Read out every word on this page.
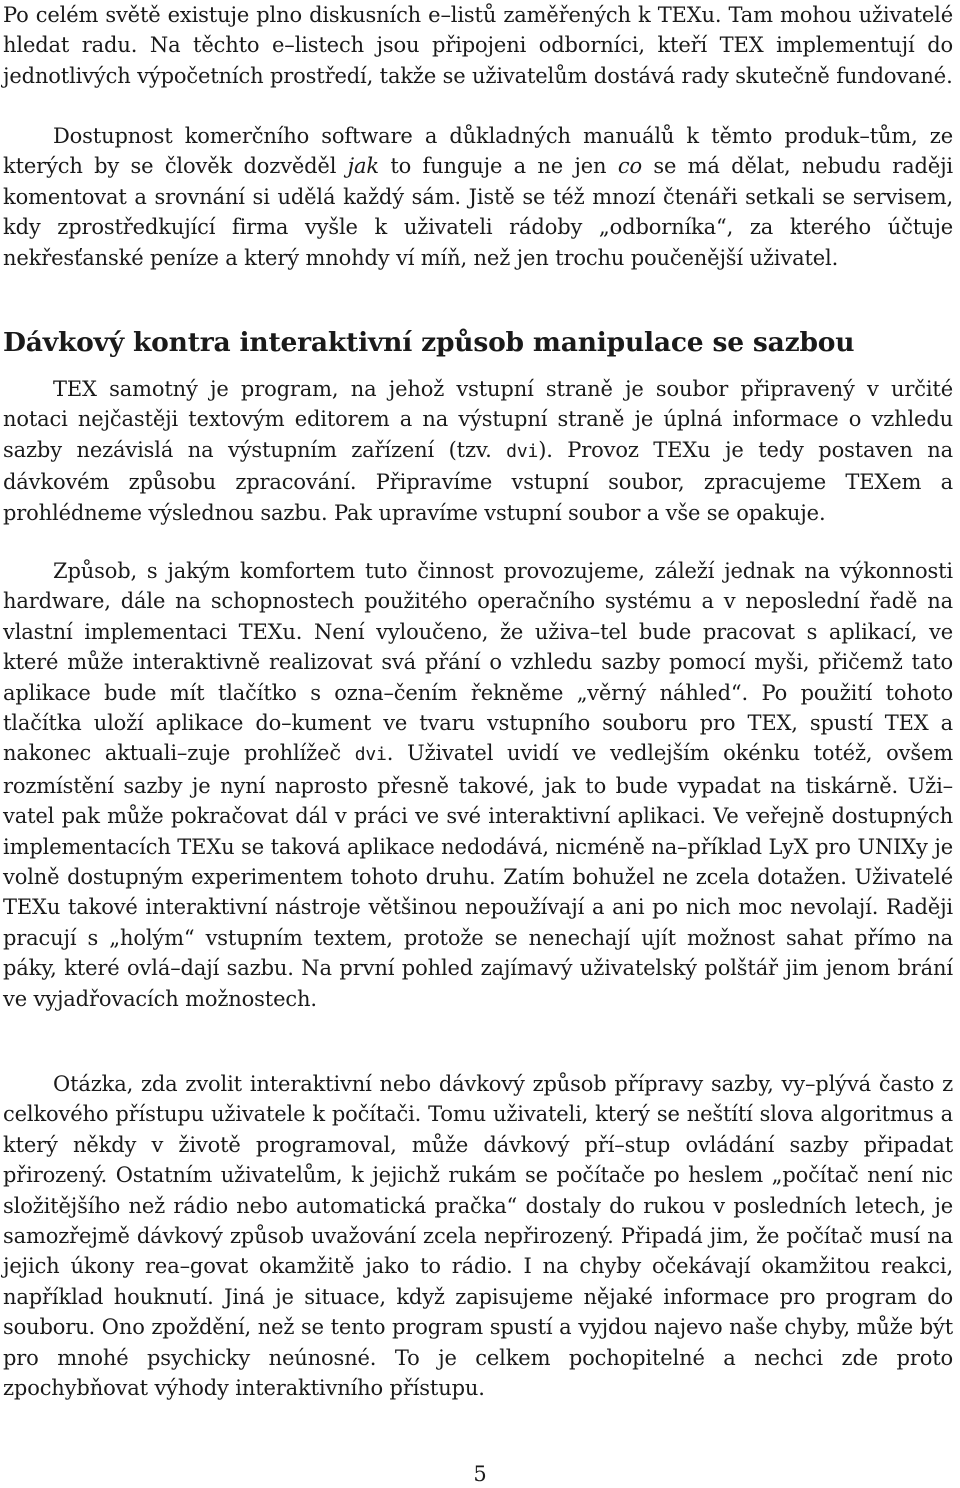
Po celém světě existuje plno diskusních e–listů zaměřených k TEXu. Tam mohou uživatelé hledat radu. Na těchto e–listech jsou připojeni odborníci, kteří TEX implementují do jednotlivých výpočetních prostředí, takže se uživatelům dostává rady skutečně fundované.

Dostupnost komerčního software a důkladných manuálů k těmto produk–tům, ze kterých by se člověk dozvěděl jak to funguje a ne jen co se má dělat, nebudu raději komentovat a srovnání si udělá každý sám. Jistě se též mnozí čtenáři setkali se servisem, kdy zprostředkující firma vyšle k uživateli rádoby „odborníka“, za kterého účtuje nekřesťanské peníze a který mnohdy ví míň, než jen trochu poučenější uživatel.

Dávkový kontra interaktivní způsob manipulace se sazbou

TEX samotný je program, na jehož vstupní straně je soubor připravený v určité notaci nejčastěji textovým editorem a na výstupní straně je úplná informace o vzhledu sazby nezávislá na výstupním zařízení (tzv. dvi). Provoz TEXu je tedy postaven na dávkovém způsobu zpracování. Připravíme vstupní soubor, zpracujeme TEXem a prohlédneme výslednou sazbu. Pak upravíme vstupní soubor a vše se opakuje.

Způsob, s jakým komfortem tuto činnost provozujeme, záleží jednak na výkonnosti hardware, dále na schopnostech použitého operačního systému a v neposlední řadě na vlastní implementaci TEXu. Není vyloučeno, že uživa–tel bude pracovat s aplikací, ve které může interaktivně realizovat svá přání o vzhledu sazby pomocí myši, přičemž tato aplikace bude mít tlačítko s ozna–čením řekněme „věrný náhled“. Po použití tohoto tlačítka uloží aplikace do–kument ve tvaru vstupního souboru pro TEX, spustí TEX a nakonec aktuali–zuje prohlížeč dvi. Uživatel uvidí ve vedlejším okénku totéž, ovšem rozmístění sazby je nyní naprosto přesně takové, jak to bude vypadat na tiskárně. Uži–vatel pak může pokračovat dál v práci ve své interaktivní aplikaci. Ve veřejně dostupných implementacích TEXu se taková aplikace nedodává, nicméně na–příklad LyX pro UNIXy je volně dostupným experimentem tohoto druhu. Zatím bohužel ne zcela dotažen. Uživatelé TEXu takové interaktivní nástroje většinou nepoužívají a ani po nich moc nevolají. Raději pracují s „holým“ vstupním textem, protože se nenechají ujít možnost sahat přímo na páky, které ovlá–dají sazbu. Na první pohled zajímavý uživatelský polštář jim jenom brání ve vyjadřovacích možnostech.

Otázka, zda zvolit interaktivní nebo dávkový způsob přípravy sazby, vy–plývá často z celkového přístupu uživatele k počítači. Tomu uživateli, který se neštítí slova algoritmus a který někdy v životě programoval, může dávkový pří–stup ovládání sazby připadat přirozený. Ostatním uživatelům, k jejichž rukám se počítače po heslem „počítač není nic složitějšího než rádio nebo automatická pračka“ dostaly do rukou v posledních letech, je samozřejmě dávkový způsob uvažování zcela nepřirozený. Připadá jim, že počítač musí na jejich úkony rea–govat okamžitě jako to rádio. I na chyby očekávají okamžitou reakci, například houknutí. Jiná je situace, když zapisujeme nějaké informace pro program do souboru. Ono zpoždění, než se tento program spustí a vyjdou najevo naše chyby, může být pro mnohé psychicky neúnosné. To je celkem pochopitelné a nechci zde proto zpochybňovat výhody interaktivního přístupu.

5
